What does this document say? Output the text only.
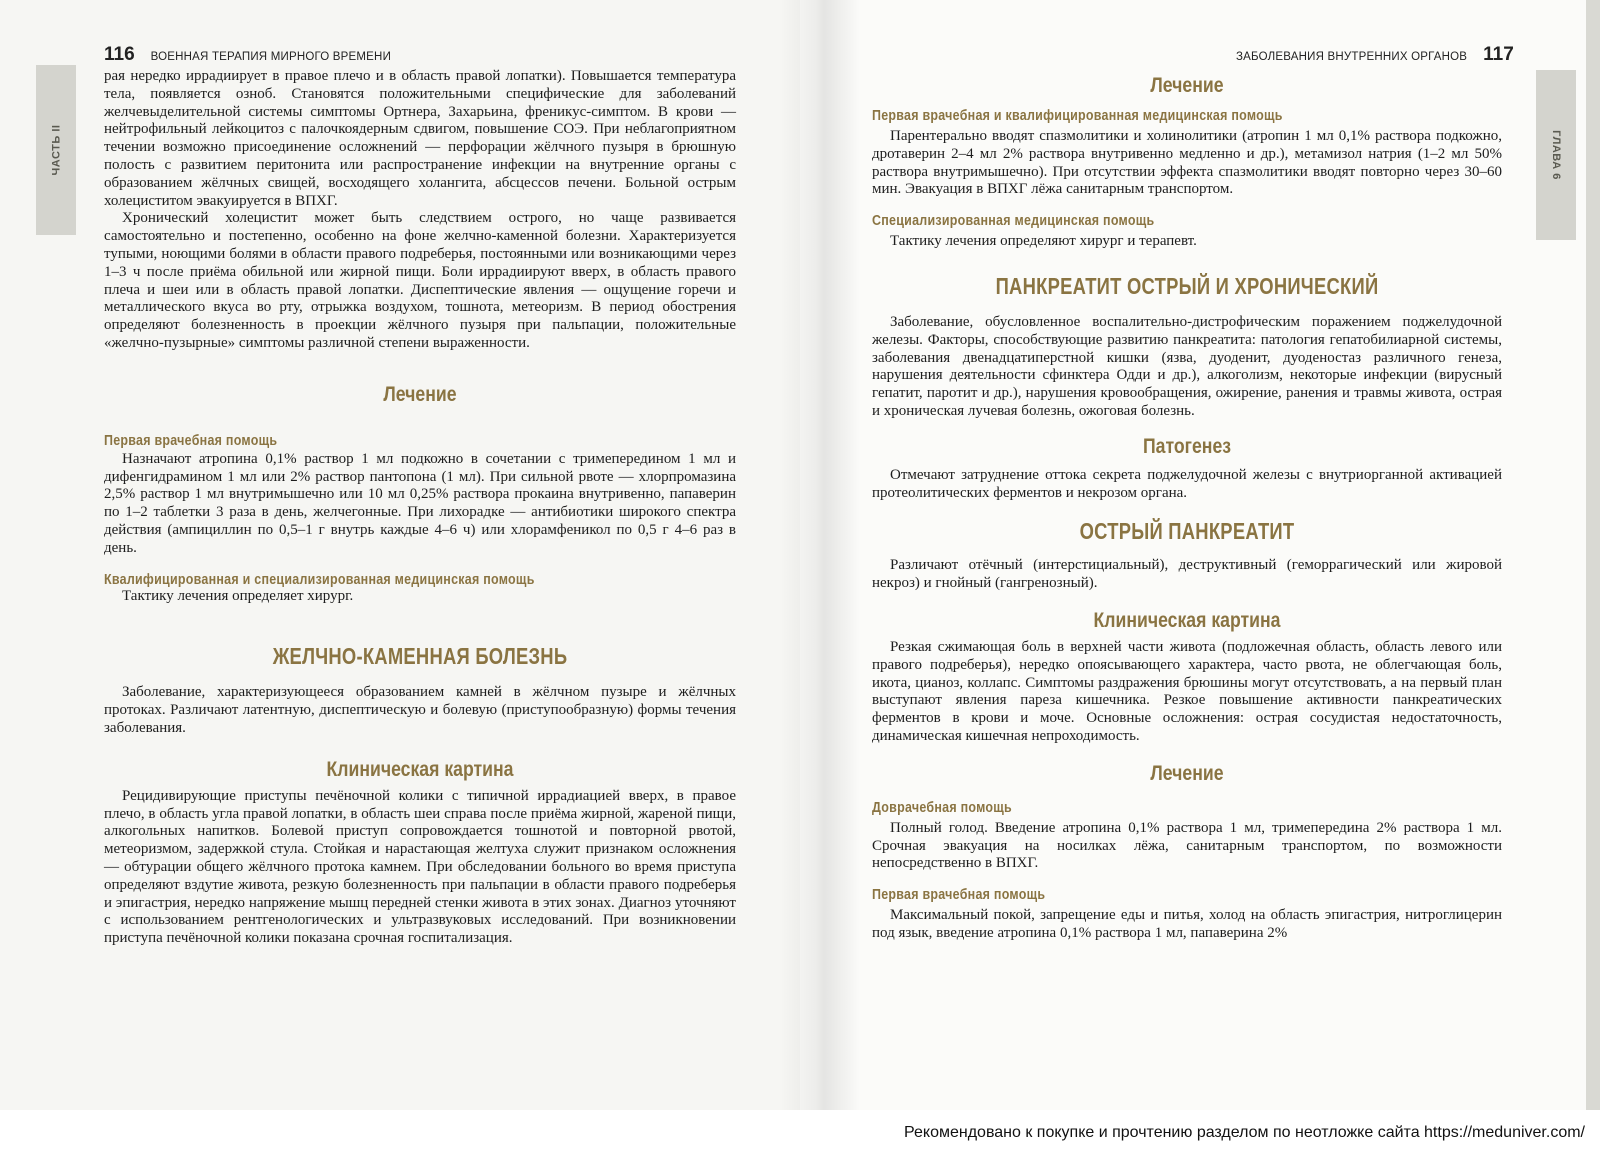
ЧАСТЬ II
116 ВОЕННАЯ ТЕРАПИЯ МИРНОГО ВРЕМЕНИ

рая нередко иррадиирует в правое плечо и в область правой лопатки). Повышается температура тела, появляется озноб. Становятся положительными специфические для заболеваний желчевыделительной системы симптомы Ортнера, Захарьина, френикус-симптом. В крови — нейтрофильный лейкоцитоз с палочкоядерным сдвигом, повышение СОЭ. При неблагоприятном течении возможно присоединение осложнений — перфорации жёлчного пузыря в брюшную полость с развитием перитонита или распространение инфекции на внутренние органы с образованием жёлчных свищей, восходящего холангита, абсцессов печени. Больной острым холециститом эвакуируется в ВПХГ.

Хронический холецистит может быть следствием острого, но чаще развивается самостоятельно и постепенно, особенно на фоне желчно-каменной болезни. Характеризуется тупыми, ноющими болями в области правого подреберья, постоянными или возникающими через 1–3 ч после приёма обильной или жирной пищи. Боли иррадиируют вверх, в область правого плеча и шеи или в область правой лопатки. Диспептические явления — ощущение горечи и металлического вкуса во рту, отрыжка воздухом, тошнота, метеоризм. В период обострения определяют болезненность в проекции жёлчного пузыря при пальпации, положительные «желчно-пузырные» симптомы различной степени выраженности.

Лечение
Первая врачебная помощь

Назначают атропина 0,1% раствор 1 мл подкожно в сочетании с тримепередином 1 мл и дифенгидрамином 1 мл или 2% раствор пантопона (1 мл). При сильной рвоте — хлорпромазина 2,5% раствор 1 мл внутримышечно или 10 мл 0,25% раствора прокаина внутривенно, папаверин по 1–2 таблетки 3 раза в день, желчегонные. При лихорадке — антибиотики широкого спектра действия (ампициллин по 0,5–1 г внутрь каждые 4–6 ч) или хлорамфеникол по 0,5 г 4–6 раз в день.

Квалифицированная и специализированная медицинская помощь

Тактику лечения определяет хирург.

ЖЕЛЧНО-КАМЕННАЯ БОЛЕЗНЬ

Заболевание, характеризующееся образованием камней в жёлчном пузыре и жёлчных протоках. Различают латентную, диспептическую и болевую (приступообразную) формы течения заболевания.

Клиническая картина

Рецидивирующие приступы печёночной колики с типичной иррадиацией вверх, в правое плечо, в область угла правой лопатки, в область шеи справа после приёма жирной, жареной пищи, алкогольных напитков. Болевой приступ сопровождается тошнотой и повторной рвотой, метеоризмом, задержкой стула. Стойкая и нарастающая желтуха служит признаком осложнения — обтурации общего жёлчного протока камнем. При обследовании больного во время приступа определяют вздутие живота, резкую болезненность при пальпации в области правого подреберья и эпигастрия, нередко напряжение мышц передней стенки живота в этих зонах. Диагноз уточняют с использованием рентгенологических и ультразвуковых исследований. При возникновении приступа печёночной колики показана срочная госпитализация.

ГЛАВА 6
ЗАБОЛЕВАНИЯ ВНУТРЕННИХ ОРГАНОВ 117
Лечение
Первая врачебная и квалифицированная медицинская помощь

Парентерально вводят спазмолитики и холинолитики (атропин 1 мл 0,1% раствора подкожно, дротаверин 2–4 мл 2% раствора внутривенно медленно и др.), метамизол натрия (1–2 мл 50% раствора внутримышечно). При отсутствии эффекта спазмолитики вводят повторно через 30–60 мин. Эвакуация в ВПХГ лёжа санитарным транспортом.

Специализированная медицинская помощь

Тактику лечения определяют хирург и терапевт.

ПАНКРЕАТИТ ОСТРЫЙ И ХРОНИЧЕСКИЙ

Заболевание, обусловленное воспалительно-дистрофическим поражением поджелудочной железы. Факторы, способствующие развитию панкреатита: патология гепатобилиарной системы, заболевания двенадцатиперстной кишки (язва, дуоденит, дуоденостаз различного генеза, нарушения деятельности сфинктера Одди и др.), алкоголизм, некоторые инфекции (вирусный гепатит, паротит и др.), нарушения кровообращения, ожирение, ранения и травмы живота, острая и хроническая лучевая болезнь, ожоговая болезнь.

Патогенез

Отмечают затруднение оттока секрета поджелудочной железы с внутриорганной активацией протеолитических ферментов и некрозом органа.

ОСТРЫЙ ПАНКРЕАТИТ

Различают отёчный (интерстициальный), деструктивный (геморрагический или жировой некроз) и гнойный (гангренозный).

Клиническая картина

Резкая сжимающая боль в верхней части живота (подложечная область, область левого или правого подреберья), нередко опоясывающего характера, часто рвота, не облегчающая боль, икота, цианоз, коллапс. Симптомы раздражения брюшины могут отсутствовать, а на первый план выступают явления пареза кишечника. Резкое повышение активности панкреатических ферментов в крови и моче. Основные осложнения: острая сосудистая недостаточность, динамическая кишечная непроходимость.

Лечение
Доврачебная помощь

Полный голод. Введение атропина 0,1% раствора 1 мл, тримепередина 2% раствора 1 мл. Срочная эвакуация на носилках лёжа, санитарным транспортом, по возможности непосредственно в ВПХГ.

Первая врачебная помощь

Максимальный покой, запрещение еды и питья, холод на область эпигастрия, нитроглицерин под язык, введение атропина 0,1% раствора 1 мл, папаверина 2%

Рекомендовано к покупке и прочтению разделом по неотложке сайта https://meduniver.com/
